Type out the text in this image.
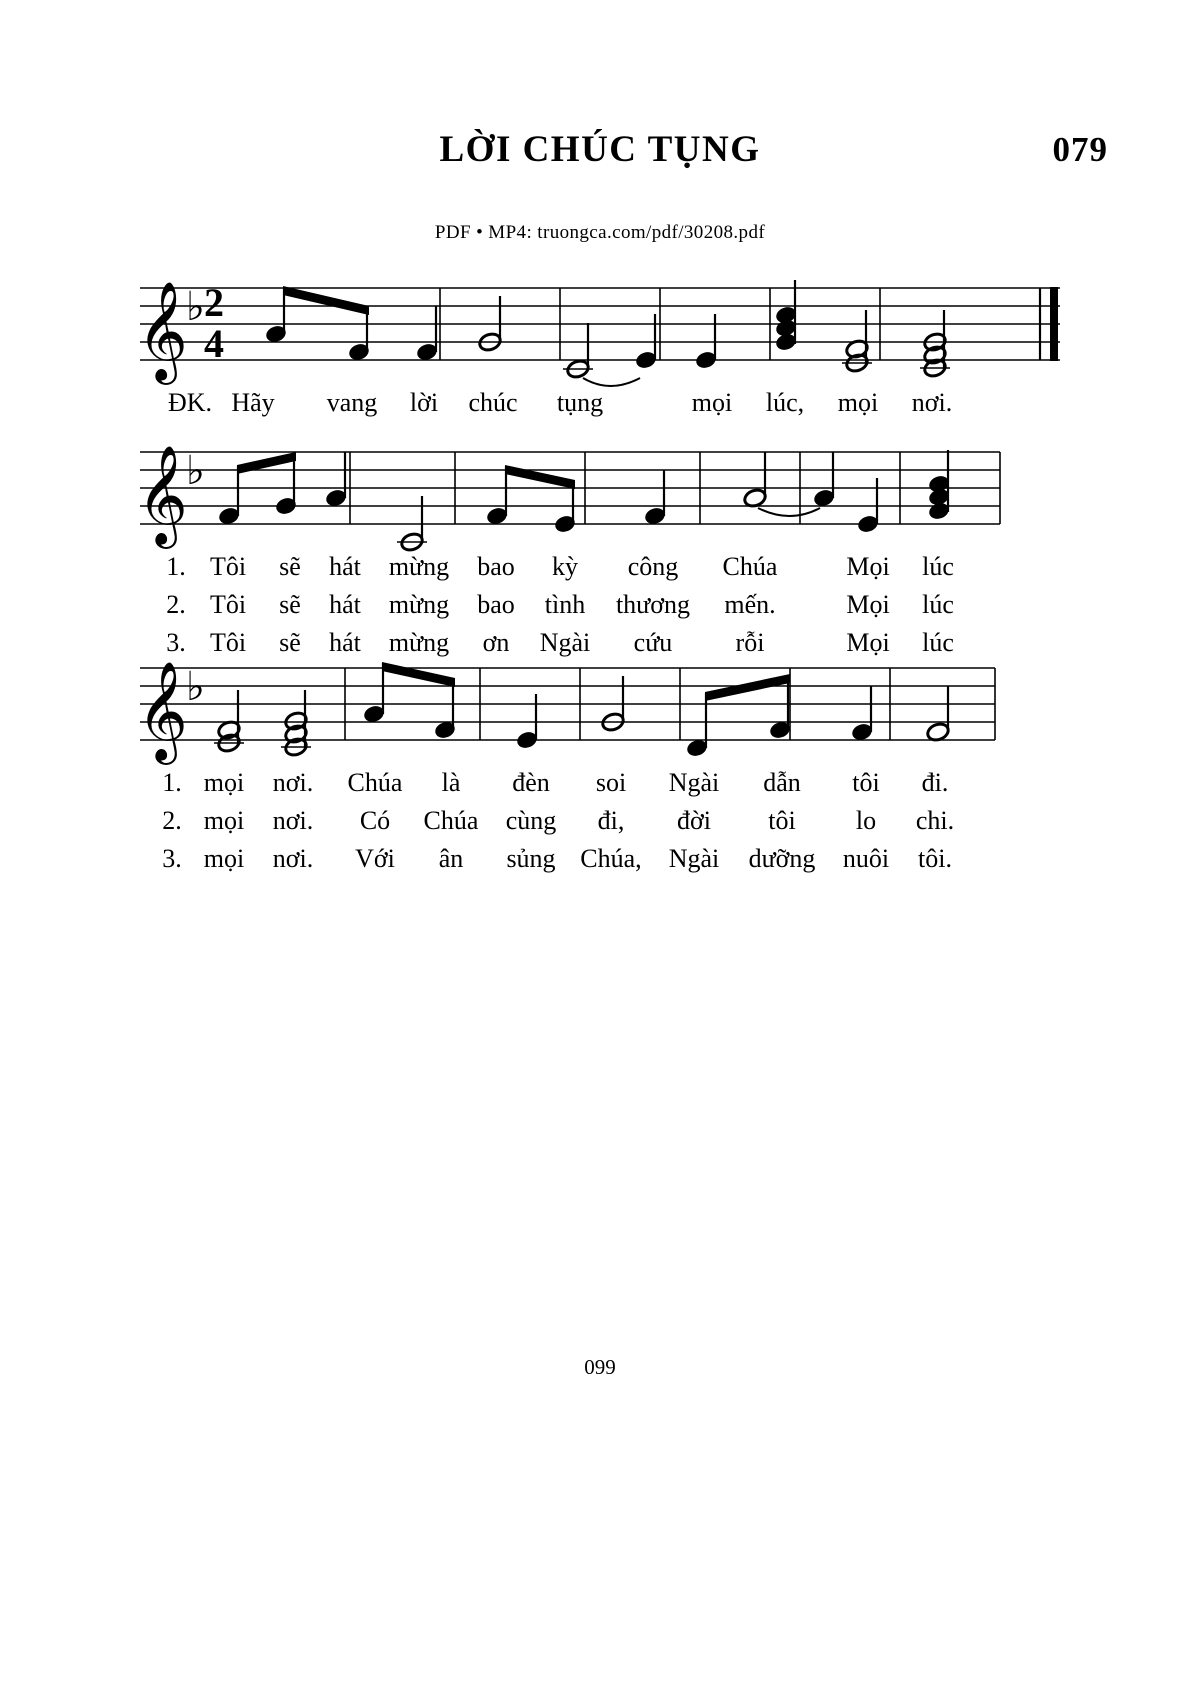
LỜI CHÚC TỤNG	079
PDF • MP4: truongca.com/pdf/30208.pdf
𝄞
♭ 2
4
ĐK. Hãy vang lời chúc tụng	mọi lúc, mọi nơi.
𝄞
♭
1. Tôi sẽ hát mừng bao kỳ công Chúa	Mọi lúc
2. Tôi sẽ hát mừng bao tình thương mến.	Mọi lúc
3. Tôi sẽ hát mừng ơn Ngài cứu rỗi	Mọi lúc
𝄞
♭
1. mọi nơi. Chúa là đèn soi Ngài dẫn tôi đi.
2. mọi nơi. Có Chúa cùng đi, đời tôi lo chi.
3. mọi nơi. Với ân sủng Chúa, Ngài dưỡng nuôi tôi.
099
